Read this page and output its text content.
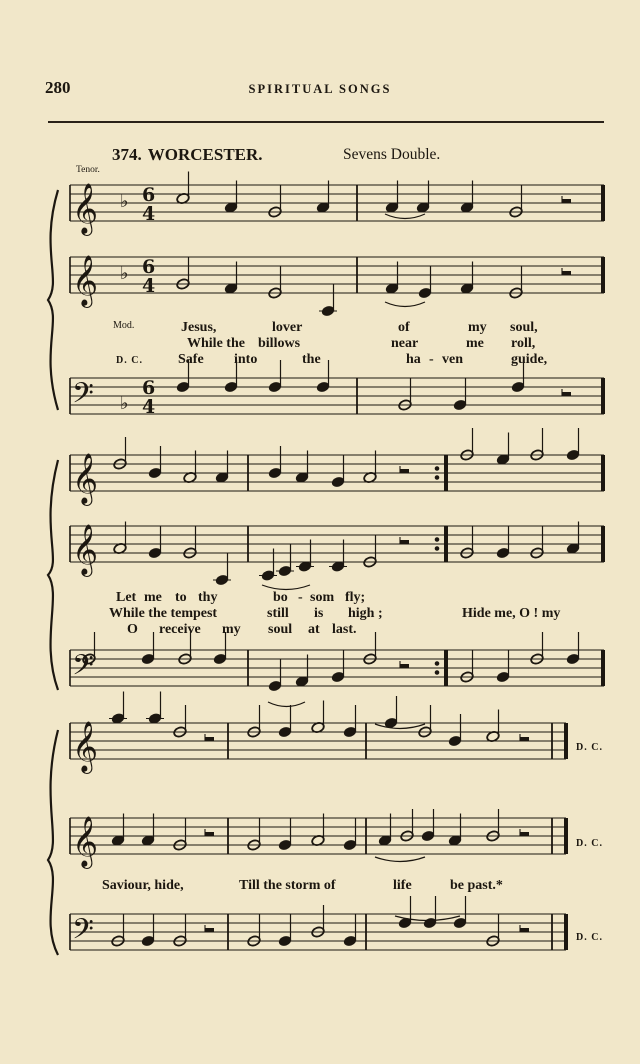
280	SPIRITUAL SONGS
374. WORCESTER.	Sevens Double.
Tenor.
Mod.
𝄞 ♭ 6
4
𝄞 ♭ 6
4
𝄢 ♭
6
4
𝄞
𝄞
𝄢
𝄞
𝄞
𝄢
Jesus,	lover	of	my soul,
While the billows	near	me roll,
D. C.	Safe into	the	ha - ven	guide,
Let me to thy	bo - som fly;
While the tempest	still is high ;	Hide me, O ! my
O receive my soul at last.
Saviour, hide,	Till the storm of	life	be past.*
D. C.
D. C.
D. C.
